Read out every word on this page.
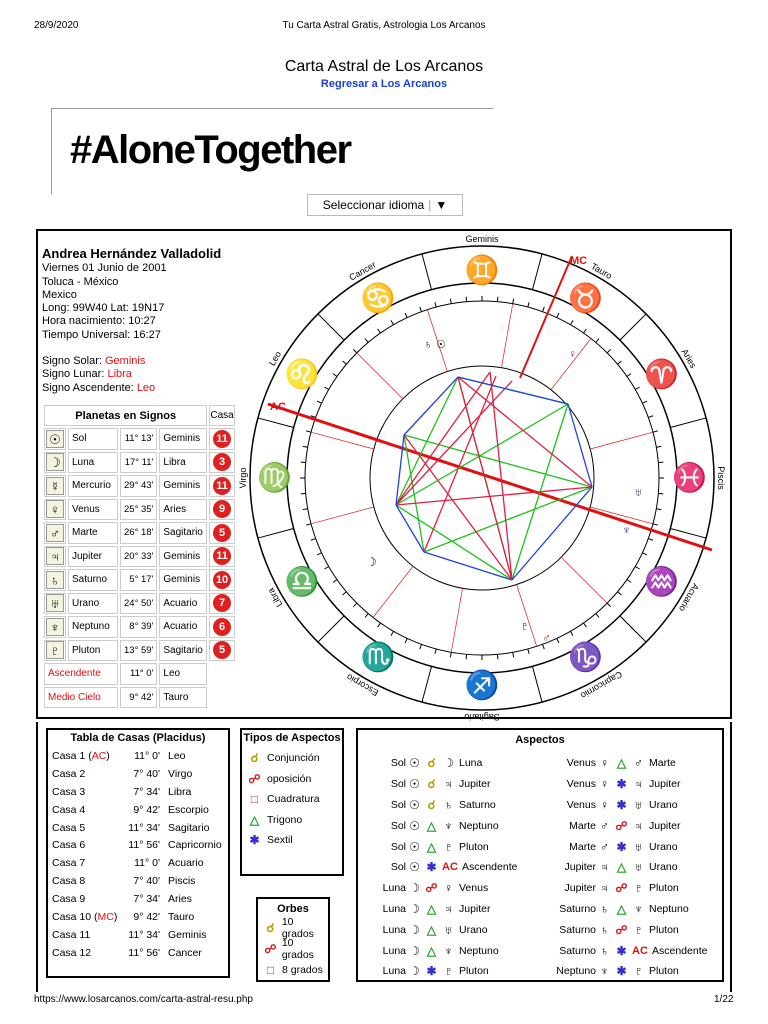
28/9/2020	Tu Carta Astral Gratis, Astrologia Los Arcanos
Carta Astral de Los Arcanos
Regresar a Los Arcanos
#AloneTogether
Seleccionar idioma | ▼
Andrea Hernández Valladolid
Viernes 01 Junio de 2001
Toluca - México
Mexico
Long: 99W40 Lat: 19N17
Hora nacimiento: 10:27
Tiempo Universal: 16:27
Signo Solar: Geminis
Signo Lunar: Libra
Signo Ascendente: Leo
Planetas en Signos				Casa
☉	Sol	11° 13'	Geminis	11
☽	Luna	17° 11'	Libra	3
☿	Mercurio	29° 43'	Geminis	11
♀	Venus	25° 35'	Aries	9
♂	Marte	26° 18'	Sagitario	5
♃	Jupiter	20° 33'	Geminis	11
♄	Saturno	5° 17'	Geminis	10
♅	Urano	24° 50'	Acuario	7
♆	Neptuno	8° 39'	Acuario	6
♇	Pluton	13° 59'	Sagitario	5
Ascendente		11° 0'	Leo	
Medio Cielo		9° 42'	Tauro	
AC
MC
Geminis
♊	Tauro
♉
Aries
♈
Piscis
♓
Acuario
♒
Capricornio
♑
Sagitario
♐
Escorpio
♏
Libra
♎
Virgo ♍
Leo ♌
Cancer
♋
♄ ☉
♀
♅
♆
♂
♇
☽
Tabla de Casas (Placidus)
Casa 1 (AC)	11° 0' Leo
Casa 2	7° 40' Virgo
Casa 3	7° 34' Libra
Casa 4	9° 42' Escorpio
Casa 5	11° 34' Sagitario
Casa 6	11° 56' Capricornio
Casa 7	11° 0' Acuario
Casa 8	7° 40' Piscis
Casa 9	7° 34' Aries
Casa 10 (MC)	9° 42' Tauro
Casa 11	11° 34' Geminis
Casa 12	11° 56' Cancer
Tipos de Aspectos
☌ Conjunción
☍ oposición
□ Cuadratura
△ Trigono
✱ Sextil
Orbes
☌ 10 grados
☍ 10 grados
□ 8 grados
Aspectos
Sol ☉ ☌ ☽ Luna
Sol ☉ ☌ ♃ Jupiter
Sol ☉ ☌ ♄ Saturno
Sol ☉ △ ♆ Neptuno
Sol ☉ △ ♇ Pluton
Sol ☉ ✱ AC Ascendente
Luna ☽ ☍ ♀ Venus
Luna ☽ △ ♃ Jupiter
Luna ☽ △ ♅ Urano
Luna ☽ △ ♆ Neptuno
Luna ☽ ✱ ♇ Pluton
Venus ♀ △ ♂ Marte
Venus ♀ ✱ ♃ Jupiter
Venus ♀ ✱ ♅ Urano
Marte ♂ ☍ ♃ Jupiter
Marte ♂ ✱ ♅ Urano
Jupiter ♃ △ ♅ Urano
Jupiter ♃ ☍ ♇ Pluton
Saturno ♄ △ ♆ Neptuno
Saturno ♄ ☍ ♇ Pluton
Saturno ♄ ✱ AC Ascendente
Neptuno ♆ ✱ ♇ Pluton
https://www.losarcanos.com/carta-astral-resu.php	1/22
